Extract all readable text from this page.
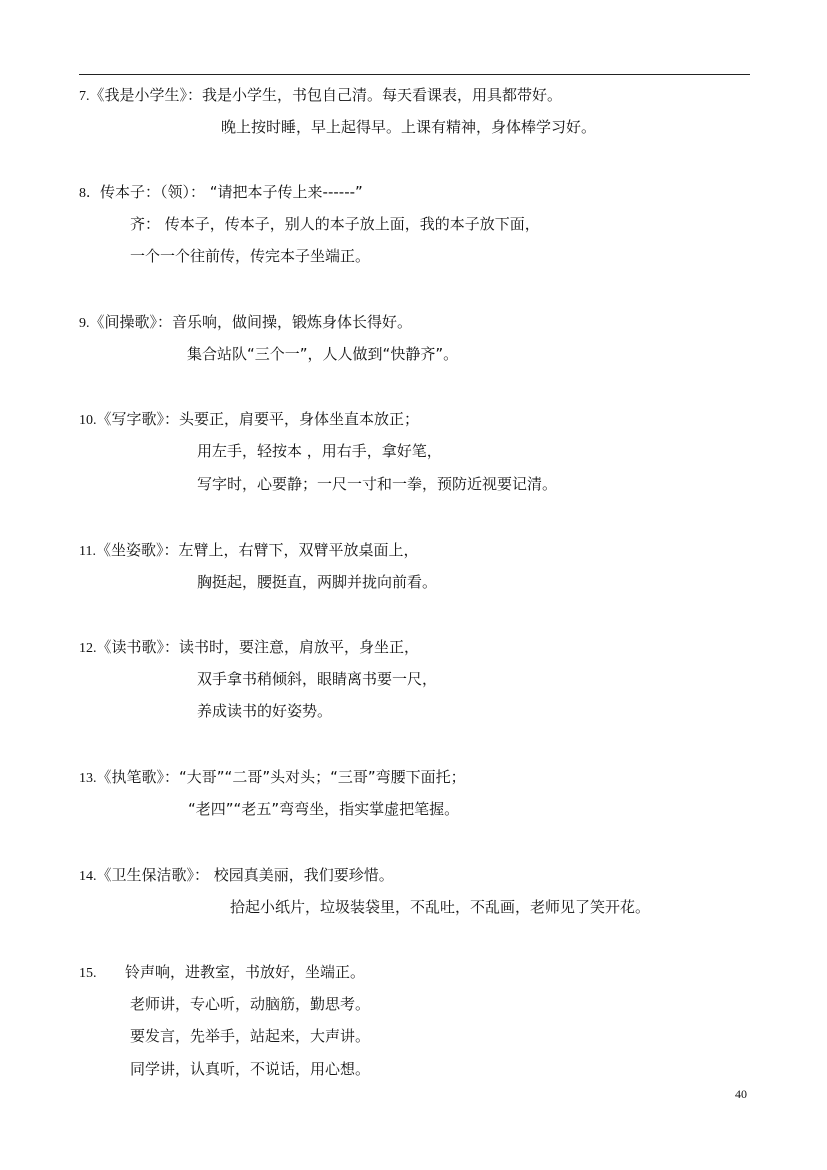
7.《我是小学生》：我是小学生，书包自己清。每天看课表，用具都带好。
晚上按时睡，早上起得早。上课有精神，身体棒学习好。
8．传本子：（领）： “请把本子传上来------”
齐： 传本子，传本子，别人的本子放上面，我的本子放下面，
一个一个往前传，传完本子坐端正。
9.《间操歌》：音乐响，做间操，锻炼身体长得好。
集合站队“三个一”，人人做到“快静齐”。
10.《写字歌》：头要正，肩要平，身体坐直本放正；
用左手，轻按本 ，用右手，拿好笔，
写字时，心要静；一尺一寸和一拳，预防近视要记清。
11.《坐姿歌》：左臂上，右臂下，双臂平放桌面上，
胸挺起，腰挺直，两脚并拢向前看。
12.《读书歌》：读书时，要注意，肩放平，身坐正，
双手拿书稍倾斜，眼睛离书要一尺，
养成读书的好姿势。
13.《执笔歌》：“大哥”“二哥”头对头；“三哥”弯腰下面托；
“老四”“老五”弯弯坐，指实掌虚把笔握。
14.《卫生保洁歌》： 校园真美丽，我们要珍惜。
拾起小纸片，垃圾装袋里，不乱吐，不乱画，老师见了笑开花。
15. 铃声响，进教室，书放好，坐端正。
老师讲，专心听，动脑筋，勤思考。
要发言，先举手，站起来，大声讲。
同学讲，认真听，不说话，用心想。
40
